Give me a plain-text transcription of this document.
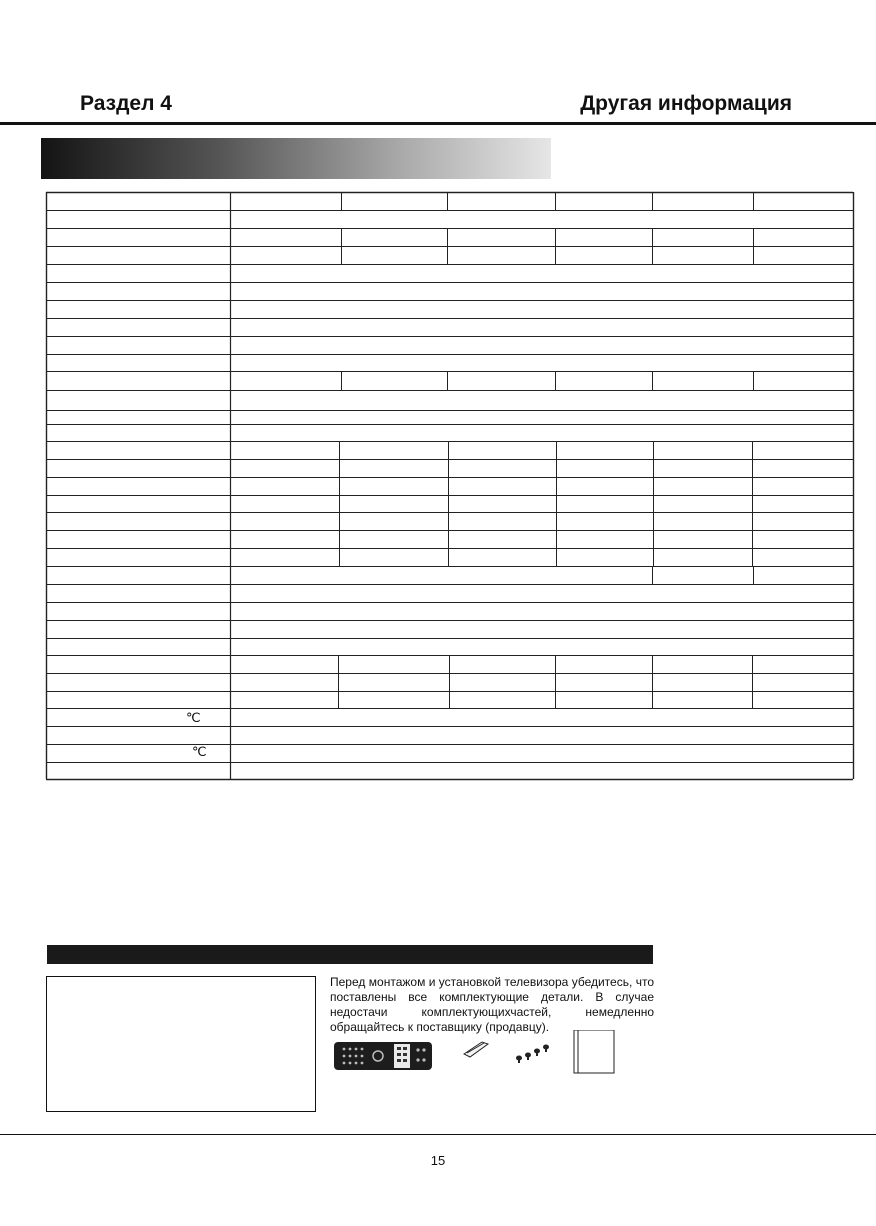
Раздел 4	Другая информация
℃
℃
Перед монтажом и установкой телевизора убедитесь, что поставлены все комплектующие детали. В случае недостачи комплектующихчастей, немедленно обращайтесь к поставщику (продавцу).
15
